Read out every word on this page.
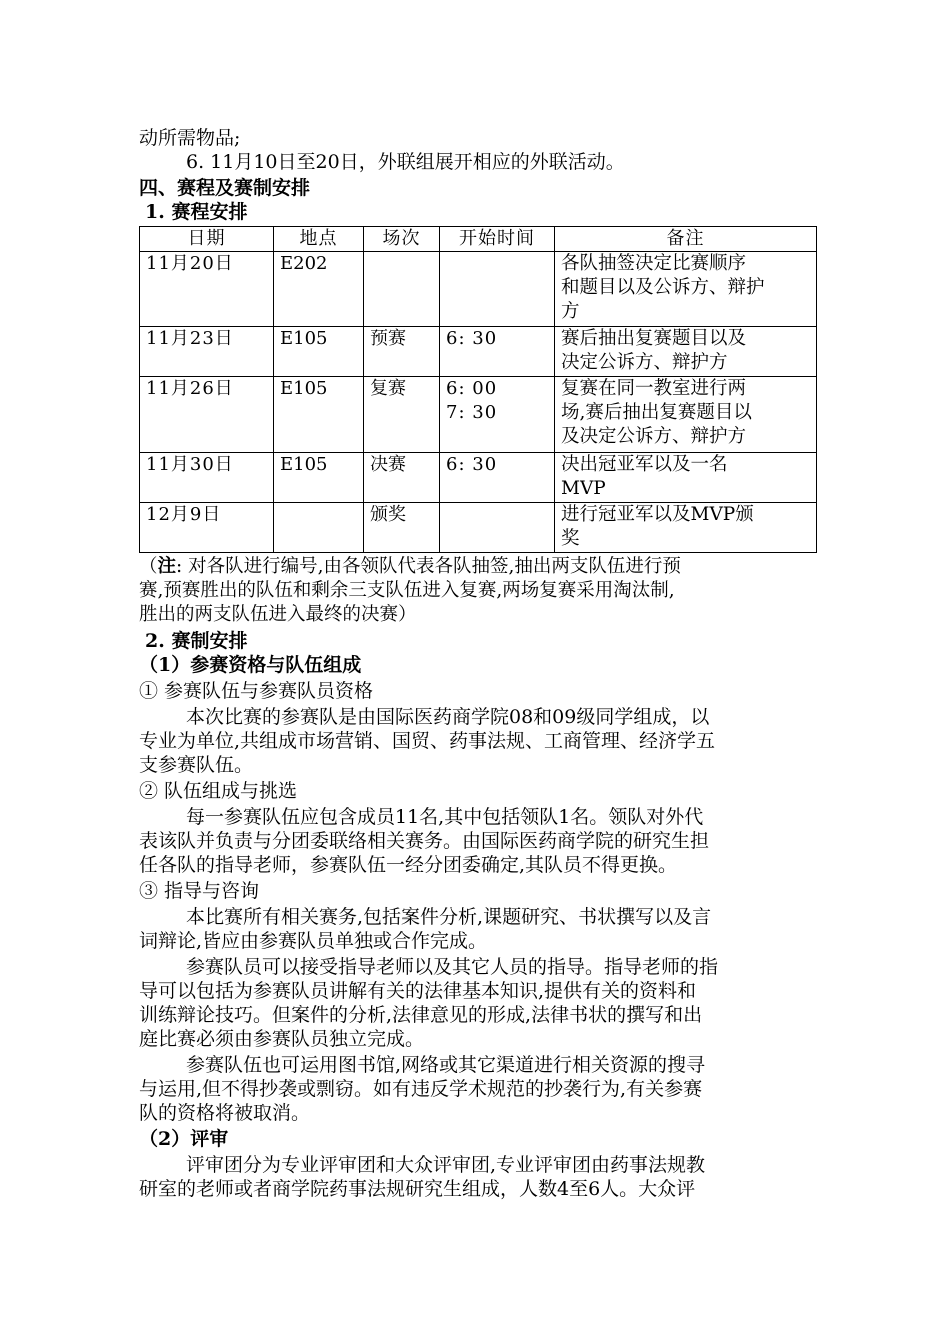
动所需物品;
6. 11月10日至20日，外联组展开相应的外联活动。
四、赛程及赛制安排
1. 赛程安排
日期	地点	场次	开始时间	备注
11月20日	E202			各队抽签决定比赛顺序
和题目以及公诉方、辩护
方
11月23日	E105	预赛	6: 30	赛后抽出复赛题目以及
决定公诉方、辩护方
11月26日	E105	复赛	6: 00
7: 30	复赛在同一教室进行两
场,赛后抽出复赛题目以
及决定公诉方、辩护方
11月30日	E105	决赛	6: 30	决出冠亚军以及一名
MVP
12月9日		颁奖		进行冠亚军以及MVP颁
奖
（注: 对各队进行编号,由各领队代表各队抽签,抽出两支队伍进行预
赛,预赛胜出的队伍和剩余三支队伍进入复赛,两场复赛采用淘汰制,
胜出的两支队伍进入最终的决赛）
2. 赛制安排
（1）参赛资格与队伍组成
① 参赛队伍与参赛队员资格
本次比赛的参赛队是由国际医药商学院08和09级同学组成，以
专业为单位,共组成市场营销、国贸、药事法规、工商管理、经济学五
支参赛队伍。
② 队伍组成与挑选
每一参赛队伍应包含成员11名,其中包括领队1名。领队对外代
表该队并负责与分团委联络相关赛务。由国际医药商学院的研究生担
任各队的指导老师，参赛队伍一经分团委确定,其队员不得更换。
③ 指导与咨询
本比赛所有相关赛务,包括案件分析,课题研究、书状撰写以及言
词辩论,皆应由参赛队员单独或合作完成。
参赛队员可以接受指导老师以及其它人员的指导。指导老师的指
导可以包括为参赛队员讲解有关的法律基本知识,提供有关的资料和
训练辩论技巧。但案件的分析,法律意见的形成,法律书状的撰写和出
庭比赛必须由参赛队员独立完成。
参赛队伍也可运用图书馆,网络或其它渠道进行相关资源的搜寻
与运用,但不得抄袭或剽窃。如有违反学术规范的抄袭行为,有关参赛
队的资格将被取消。
（2）评审
评审团分为专业评审团和大众评审团,专业评审团由药事法规教
研室的老师或者商学院药事法规研究生组成，人数4至6人。大众评
